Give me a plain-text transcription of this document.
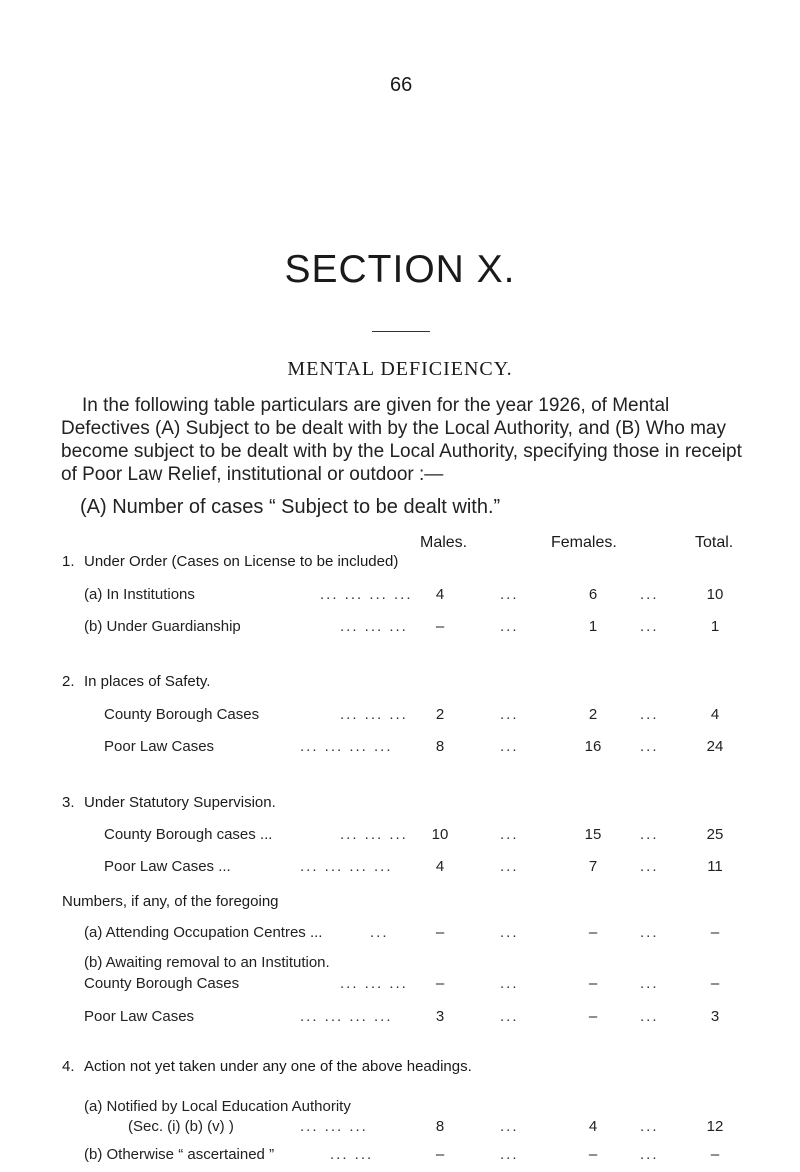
66
SECTION X.
MENTAL DEFICIENCY.
In the following table particulars are given for the year 1926, of Mental
Defectives (A) Subject to be dealt with by the Local Authority, and (B) Who may
become subject to be dealt with by the Local Authority, specifying those in receipt
of Poor Law Relief, institutional or outdoor :—
(A) Number of cases “ Subject to be dealt with.”
Males.	Females.	Total.
1. Under Order (Cases on License to be included)
(a) In Institutions	... ... ... ...	4	...	6	...	10
(b) Under Guardianship	... ... ...	–	...	1	...	1
2. In places of Safety.
County Borough Cases	... ... ...	2	...	2	...	4
Poor Law Cases	... ... ... ...	8	...	16	...	24
3. Under Statutory Supervision.
County Borough cases ...	... ... ...	10	...	15	...	25
Poor Law Cases ...	... ... ... ...	4	...	7	...	11
Numbers, if any, of the foregoing
(a) Attending Occupation Centres ...	...	–	...	–	...	–
(b) Awaiting removal to an Institution.
County Borough Cases	... ... ...	–	...	–	...	–
Poor Law Cases	... ... ... ...	3	...	–	...	3
4. Action not yet taken under any one of the above headings.
(a) Notified by Local Education Authority
(Sec. (i) (b) (v) )	... ... ...	8	...	4	...	12
(b) Otherwise “ ascertained ”	... ...	–	...	–	...	–
